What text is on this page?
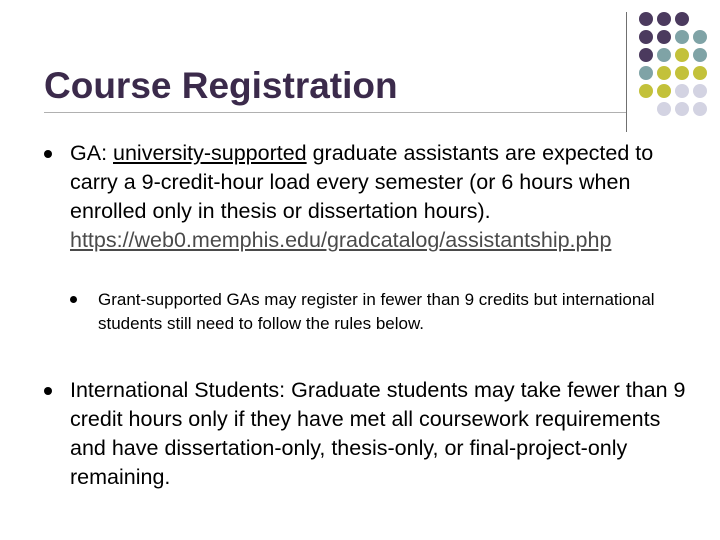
Course Registration

GA: university-supported graduate assistants are expected to carry a 9-credit-hour load every semester (or 6 hours when enrolled only in thesis or dissertation hours).
https://web0.memphis.edu/gradcatalog/assistantship.php

Grant-supported GAs may register in fewer than 9 credits but international students still need to follow the rules below.

International Students: Graduate students may take fewer than 9 credit hours only if they have met all coursework requirements and have dissertation-only, thesis-only, or final-project-only remaining.
